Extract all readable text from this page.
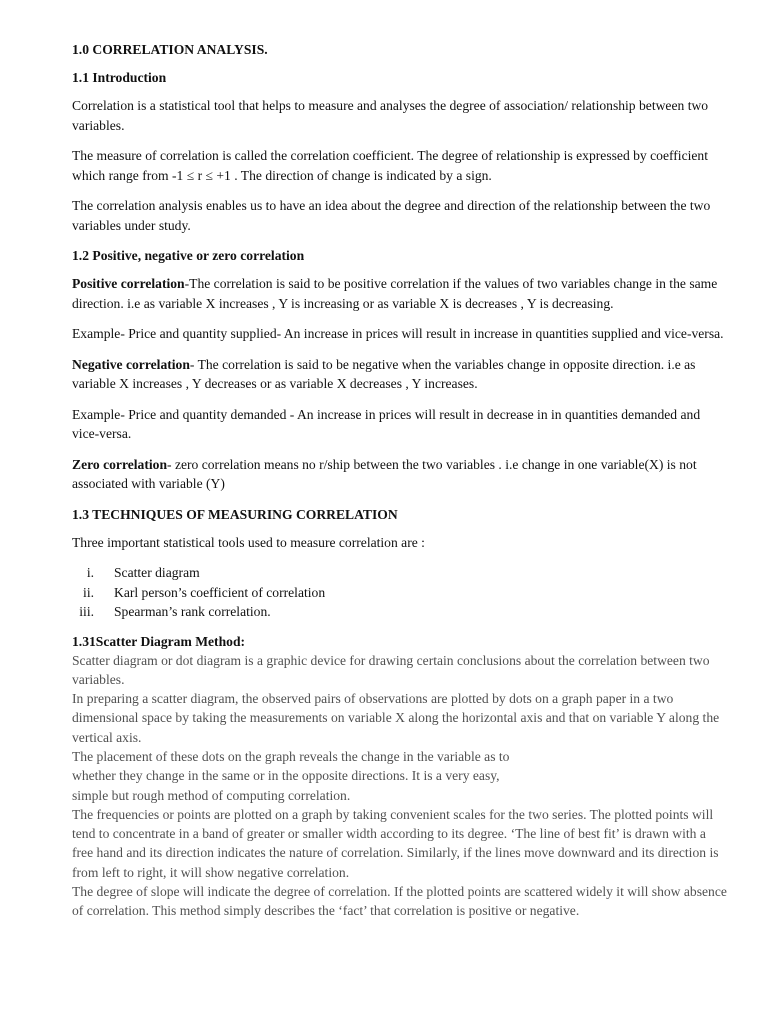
1.0 CORRELATION ANALYSIS.
1.1 Introduction
Correlation is a statistical tool that helps to measure and analyses the degree of association/ relationship between two variables.
The measure of correlation is called the correlation coefficient. The degree of relationship is expressed by coefficient which range from -1 ≤ r ≤ +1 . The direction of change is indicated by a sign.
The correlation analysis enables us to have an idea about the degree and direction of the relationship between the two variables under study.
1.2 Positive, negative or zero correlation
Positive correlation-The correlation is said to be positive correlation if the values of two variables change in the same direction. i.e as variable X increases , Y is increasing or as variable X is decreases , Y is decreasing.
Example- Price and quantity supplied- An increase in prices will result in increase in quantities supplied and vice-versa.
Negative correlation- The correlation is said to be negative when the variables change in opposite direction. i.e as variable X increases , Y decreases or as variable X decreases , Y increases.
Example- Price and quantity demanded - An increase in prices will result in decrease in in quantities demanded and vice-versa.
Zero correlation- zero correlation means no r/ship between the two variables . i.e change in one variable(X) is not associated with variable (Y)
1.3 TECHNIQUES OF MEASURING CORRELATION
Three important statistical tools used to measure correlation are :
i. Scatter diagram
ii. Karl person’s coefficient of correlation
iii. Spearman’s rank correlation.
1.31Scatter Diagram Method:
Scatter diagram or dot diagram is a graphic device for drawing certain conclusions about the correlation between two variables.
In preparing a scatter diagram, the observed pairs of observations are plotted by dots on a graph paper in a two dimensional space by taking the measurements on variable X along the horizontal axis and that on variable Y along the vertical axis.
The placement of these dots on the graph reveals the change in the variable as to
whether they change in the same or in the opposite directions. It is a very easy,
simple but rough method of computing correlation.
The frequencies or points are plotted on a graph by taking convenient scales for the two series. The plotted points will tend to concentrate in a band of greater or smaller width according to its degree. ‘The line of best fit’ is drawn with a free hand and its direction indicates the nature of correlation. Similarly, if the lines move downward and its direction is from left to right, it will show negative correlation.
The degree of slope will indicate the degree of correlation. If the plotted points are scattered widely it will show absence of correlation. This method simply describes the ‘fact’ that correlation is positive or negative.
